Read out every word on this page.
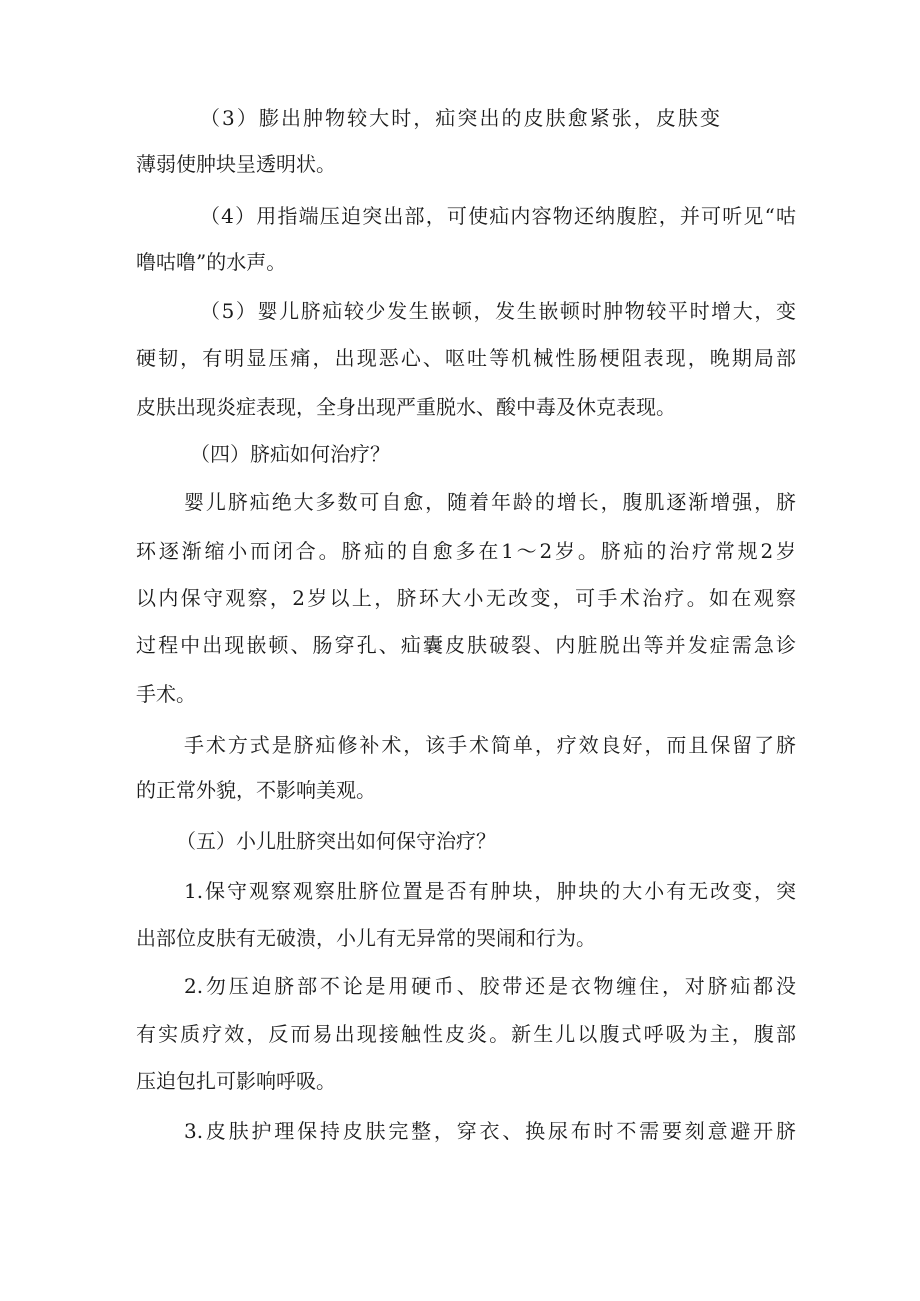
（3）膨出肿物较大时，疝突出的皮肤愈紧张，皮肤变
薄弱使肿块呈透明状。
（4）用指端压迫突出部，可使疝内容物还纳腹腔，并可听见“咕
噜咕噜”的水声。
（5）婴儿脐疝较少发生嵌顿，发生嵌顿时肿物较平时增大，变
硬韧，有明显压痛，出现恶心、呕吐等机械性肠梗阻表现，晚期局部
皮肤出现炎症表现，全身出现严重脱水、酸中毒及休克表现。
（四）脐疝如何治疗？
婴儿脐疝绝大多数可自愈，随着年龄的增长，腹肌逐渐增强，脐
环逐渐缩小而闭合。脐疝的自愈多在1～2岁。脐疝的治疗常规2岁
以内保守观察，2岁以上，脐环大小无改变，可手术治疗。如在观察
过程中出现嵌顿、肠穿孔、疝囊皮肤破裂、内脏脱出等并发症需急诊
手术。
手术方式是脐疝修补术，该手术简单，疗效良好，而且保留了脐
的正常外貌，不影响美观。
（五）小儿肚脐突出如何保守治疗？
1.保守观察观察肚脐位置是否有肿块，肿块的大小有无改变，突
出部位皮肤有无破溃，小儿有无异常的哭闹和行为。
2.勿压迫脐部不论是用硬币、胶带还是衣物缠住，对脐疝都没
有实质疗效，反而易出现接触性皮炎。新生儿以腹式呼吸为主，腹部
压迫包扎可影响呼吸。
3.皮肤护理保持皮肤完整，穿衣、换尿布时不需要刻意避开脐
